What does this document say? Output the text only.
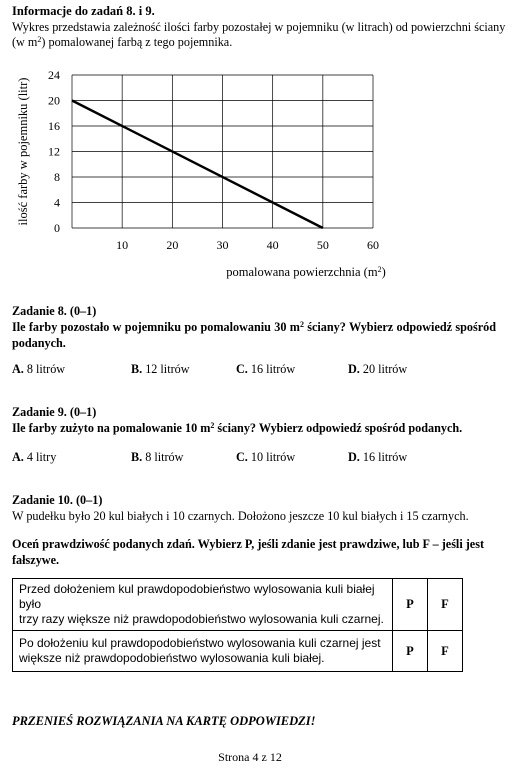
Informacje do zadań 8. i 9.

Wykres przedstawia zależność ilości farby pozostałej w pojemniku (w litrach) od powierzchni ściany (w $m^2$) pomalowanej farbą z tego pojemnika.

0
4
8
12
16
20
24
10	20	30	40	50	60
ilość farby w pojemniku (litr)
pomalowana powierzchnia $(m^2)$

Zadanie 8. (0–1)

Ile farby pozostało w pojemniku po pomalowaniu 30 $m^2$ ściany? Wybierz odpowiedź spośród podanych.

A. 8 litrów	B. 12 litrów	C. 16 litrów	D. 20 litrów

Zadanie 9. (0–1)

Ile farby zużyto na pomalowanie 10 $m^2$ ściany? Wybierz odpowiedź spośród podanych.

A. 4 litry	B. 8 litrów	C. 10 litrów	D. 16 litrów

Zadanie 10. (0–1)

W pudełku było 20 kul białych i 10 czarnych. Dołożono jeszcze 10 kul białych i 15 czarnych.

Oceń prawdziwość podanych zdań. Wybierz P, jeśli zdanie jest prawdziwe, lub F – jeśli jest fałszywe.

Przed dołożeniem kul prawdopodobieństwo wylosowania kuli białej było
trzy razy większe niż prawdopodobieństwo wylosowania kuli czarnej.	P	F

Po dołożeniu kul prawdopodobieństwo wylosowania kuli czarnej jest
większe niż prawdopodobieństwo wylosowania kuli białej.	P	F

PRZENIEŚ ROZWIĄZANIA NA KARTĘ ODPOWIEDZI!

Strona 4 z 12
